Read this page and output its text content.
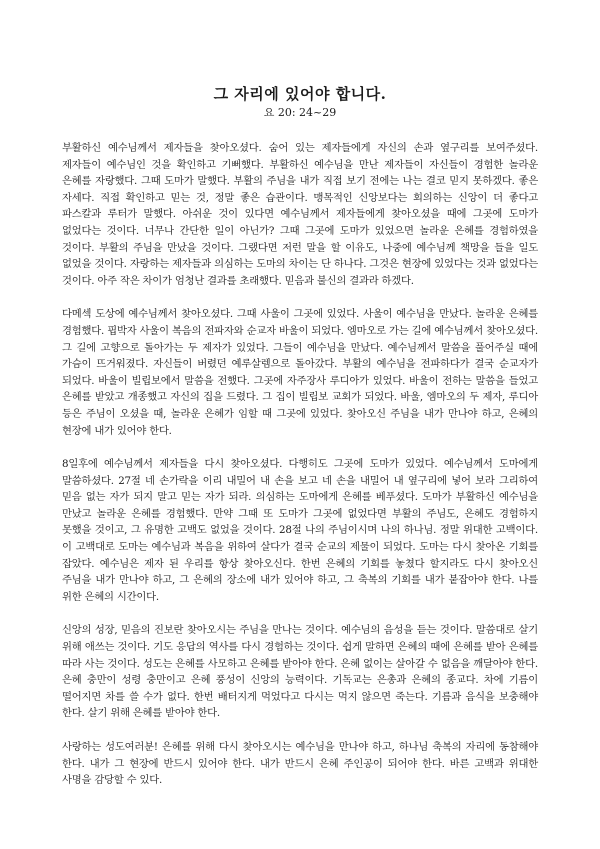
그 자리에 있어야 합니다.
요 20: 24~29

부활하신 예수님께서 제자들을 찾아오셨다. 숨어 있는 제자들에게 자신의 손과 옆구리를 보여주셨다. 제자들이 예수님인 것을 확인하고 기뻐했다. 부활하신 예수님을 만난 제자들이 자신들이 경험한 놀라운 은혜를 자랑했다. 그때 도마가 말했다. 부활의 주님을 내가 직접 보기 전에는 나는 결코 믿지 못하겠다. 좋은 자세다. 직접 확인하고 믿는 것, 정말 좋은 습관이다. 맹목적인 신앙보다는 회의하는 신앙이 더 좋다고 파스칼과 루터가 말했다. 아쉬운 것이 있다면 예수님께서 제자들에게 찾아오셨을 때에 그곳에 도마가 없었다는 것이다. 너무나 간단한 일이 아닌가? 그때 그곳에 도마가 있었으면 놀라운 은혜를 경험하였을 것이다. 부활의 주님을 만났을 것이다. 그랬다면 저런 말을 할 이유도, 나중에 예수님께 책망을 들을 일도 없었을 것이다. 자랑하는 제자들과 의심하는 도마의 차이는 단 하나다. 그것은 현장에 있었다는 것과 없었다는 것이다. 아주 작은 차이가 엄청난 결과를 초래했다. 믿음과 불신의 결과라 하겠다.

다메섹 도상에 예수님께서 찾아오셨다. 그때 사울이 그곳에 있었다. 사울이 예수님을 만났다. 놀라운 은혜를 경험했다. 핍박자 사울이 복음의 전파자와 순교자 바울이 되었다. 엠마오로 가는 길에 예수님께서 찾아오셨다. 그 길에 고향으로 돌아가는 두 제자가 있었다. 그들이 예수님을 만났다. 예수님께서 말씀을 풀어주실 때에 가슴이 뜨거워졌다. 자신들이 버렸던 예루살렘으로 돌아갔다. 부활의 예수님을 전파하다가 결국 순교자가 되었다. 바울이 빌립보에서 말씀을 전했다. 그곳에 자주장사 루디아가 있었다. 바울이 전하는 말씀을 들었고 은혜를 받았고 개종했고 자신의 집을 드렸다. 그 집이 빌립보 교회가 되었다. 바울, 엠마오의 두 제자, 루디아 등은 주님이 오셨을 때, 놀라운 은혜가 임할 때 그곳에 있었다. 찾아오신 주님을 내가 만나야 하고, 은혜의 현장에 내가 있어야 한다.

8일후에 예수님께서 제자들을 다시 찾아오셨다. 다행히도 그곳에 도마가 있었다. 예수님께서 도마에게 말씀하셨다. 27절 네 손가락을 이리 내밀어 내 손을 보고 네 손을 내밀어 내 옆구리에 넣어 보라 그리하여 믿음 없는 자가 되지 말고 믿는 자가 되라. 의심하는 도마에게 은혜를 베푸셨다. 도마가 부활하신 예수님을 만났고 놀라운 은혜를 경험했다. 만약 그때 또 도마가 그곳에 없었다면 부활의 주님도, 은혜도 경험하지 못했을 것이고, 그 유명한 고백도 없었을 것이다. 28절 나의 주님이시며 나의 하나님. 정말 위대한 고백이다. 이 고백대로 도마는 예수님과 복음을 위하여 살다가 결국 순교의 제물이 되었다. 도마는 다시 찾아온 기회를 잡았다. 예수님은 제자 된 우리를 항상 찾아오신다. 한번 은혜의 기회를 놓쳤다 할지라도 다시 찾아오신 주님을 내가 만나야 하고, 그 은혜의 장소에 내가 있어야 하고, 그 축복의 기회를 내가 붙잡아야 한다. 나를 위한 은혜의 시간이다.

신앙의 성장, 믿음의 진보란 찾아오시는 주님을 만나는 것이다. 예수님의 음성을 듣는 것이다. 말씀대로 살기 위해 애쓰는 것이다. 기도 응답의 역사를 다시 경험하는 것이다. 쉽게 말하면 은혜의 때에 은혜를 받아 은혜를 따라 사는 것이다. 성도는 은혜를 사모하고 은혜를 받아야 한다. 은혜 없이는 살아갈 수 없음을 깨달아야 한다. 은혜 충만이 성령 충만이고 은혜 풍성이 신앙의 능력이다. 기독교는 은총과 은혜의 종교다. 차에 기름이 떨어지면 차를 쓸 수가 없다. 한번 배터지게 먹었다고 다시는 먹지 않으면 죽는다. 기름과 음식을 보충해야 한다. 살기 위해 은혜를 받아야 한다.

사랑하는 성도여러분! 은혜를 위해 다시 찾아오시는 예수님을 만나야 하고, 하나님 축복의 자리에 동참해야 한다. 내가 그 현장에 반드시 있어야 한다. 내가 반드시 은혜 주인공이 되어야 한다. 바른 고백과 위대한 사명을 감당할 수 있다.
